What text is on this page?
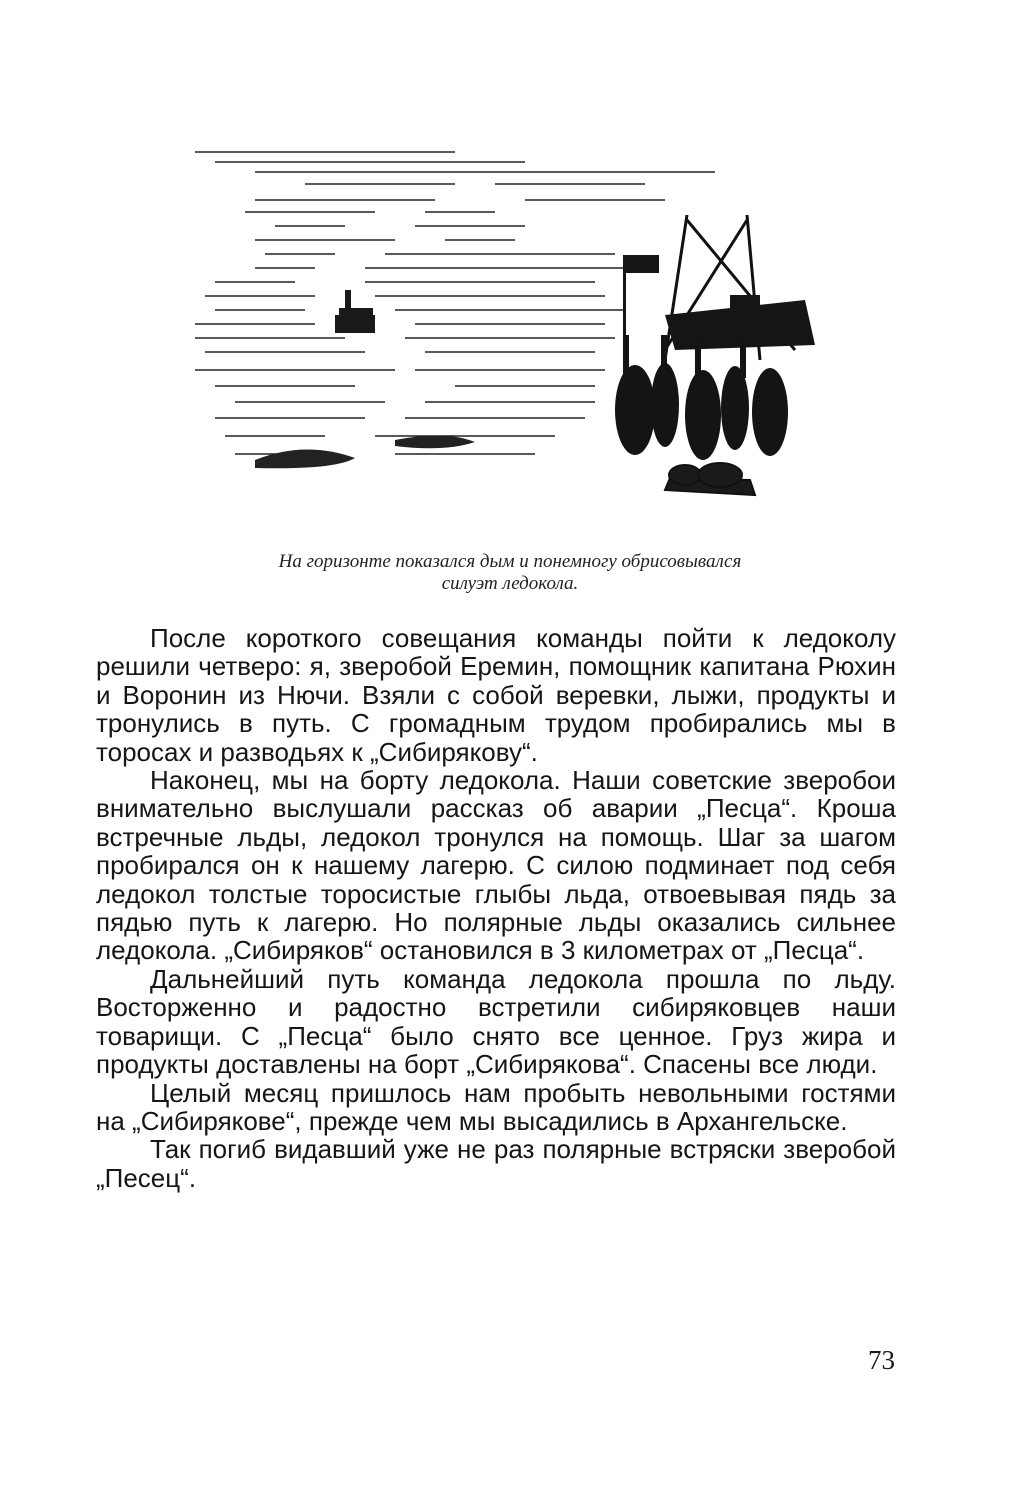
На горизонте показался дым и понемногу обрисовывался
силуэт ледокола.

После короткого совещания команды пойти к ледоколу решили четверо: я, зверобой Еремин, помощник капитана Рюхин и Воронин из Нючи. Взяли с собой веревки, лыжи, продукты и тронулись в путь. С громадным трудом пробирались мы в торосах и разводьях к „Сибирякову“.

Наконец, мы на борту ледокола. Наши советские зверобои внимательно выслушали рассказ об аварии „Песца“. Кроша встречные льды, ледокол тронулся на помощь. Шаг за шагом пробирался он к нашему лагерю. С силою подминает под себя ледокол толстые торосистые глыбы льда, отвоевывая пядь за пядью путь к лагерю. Но полярные льды оказались сильнее ледокола. „Сибиряков“ остановился в 3 километрах от „Песца“.

Дальнейший путь команда ледокола прошла по льду. Восторженно и радостно встретили сибиряковцев наши товарищи. С „Песца“ было снято все ценное. Груз жира и продукты доставлены на борт „Сибирякова“. Спасены все люди.

Целый месяц пришлось нам пробыть невольными гостями на „Сибирякове“, прежде чем мы высадились в Архангельске.

Так погиб видавший уже не раз полярные встряски зверобой „Песец“.

73
